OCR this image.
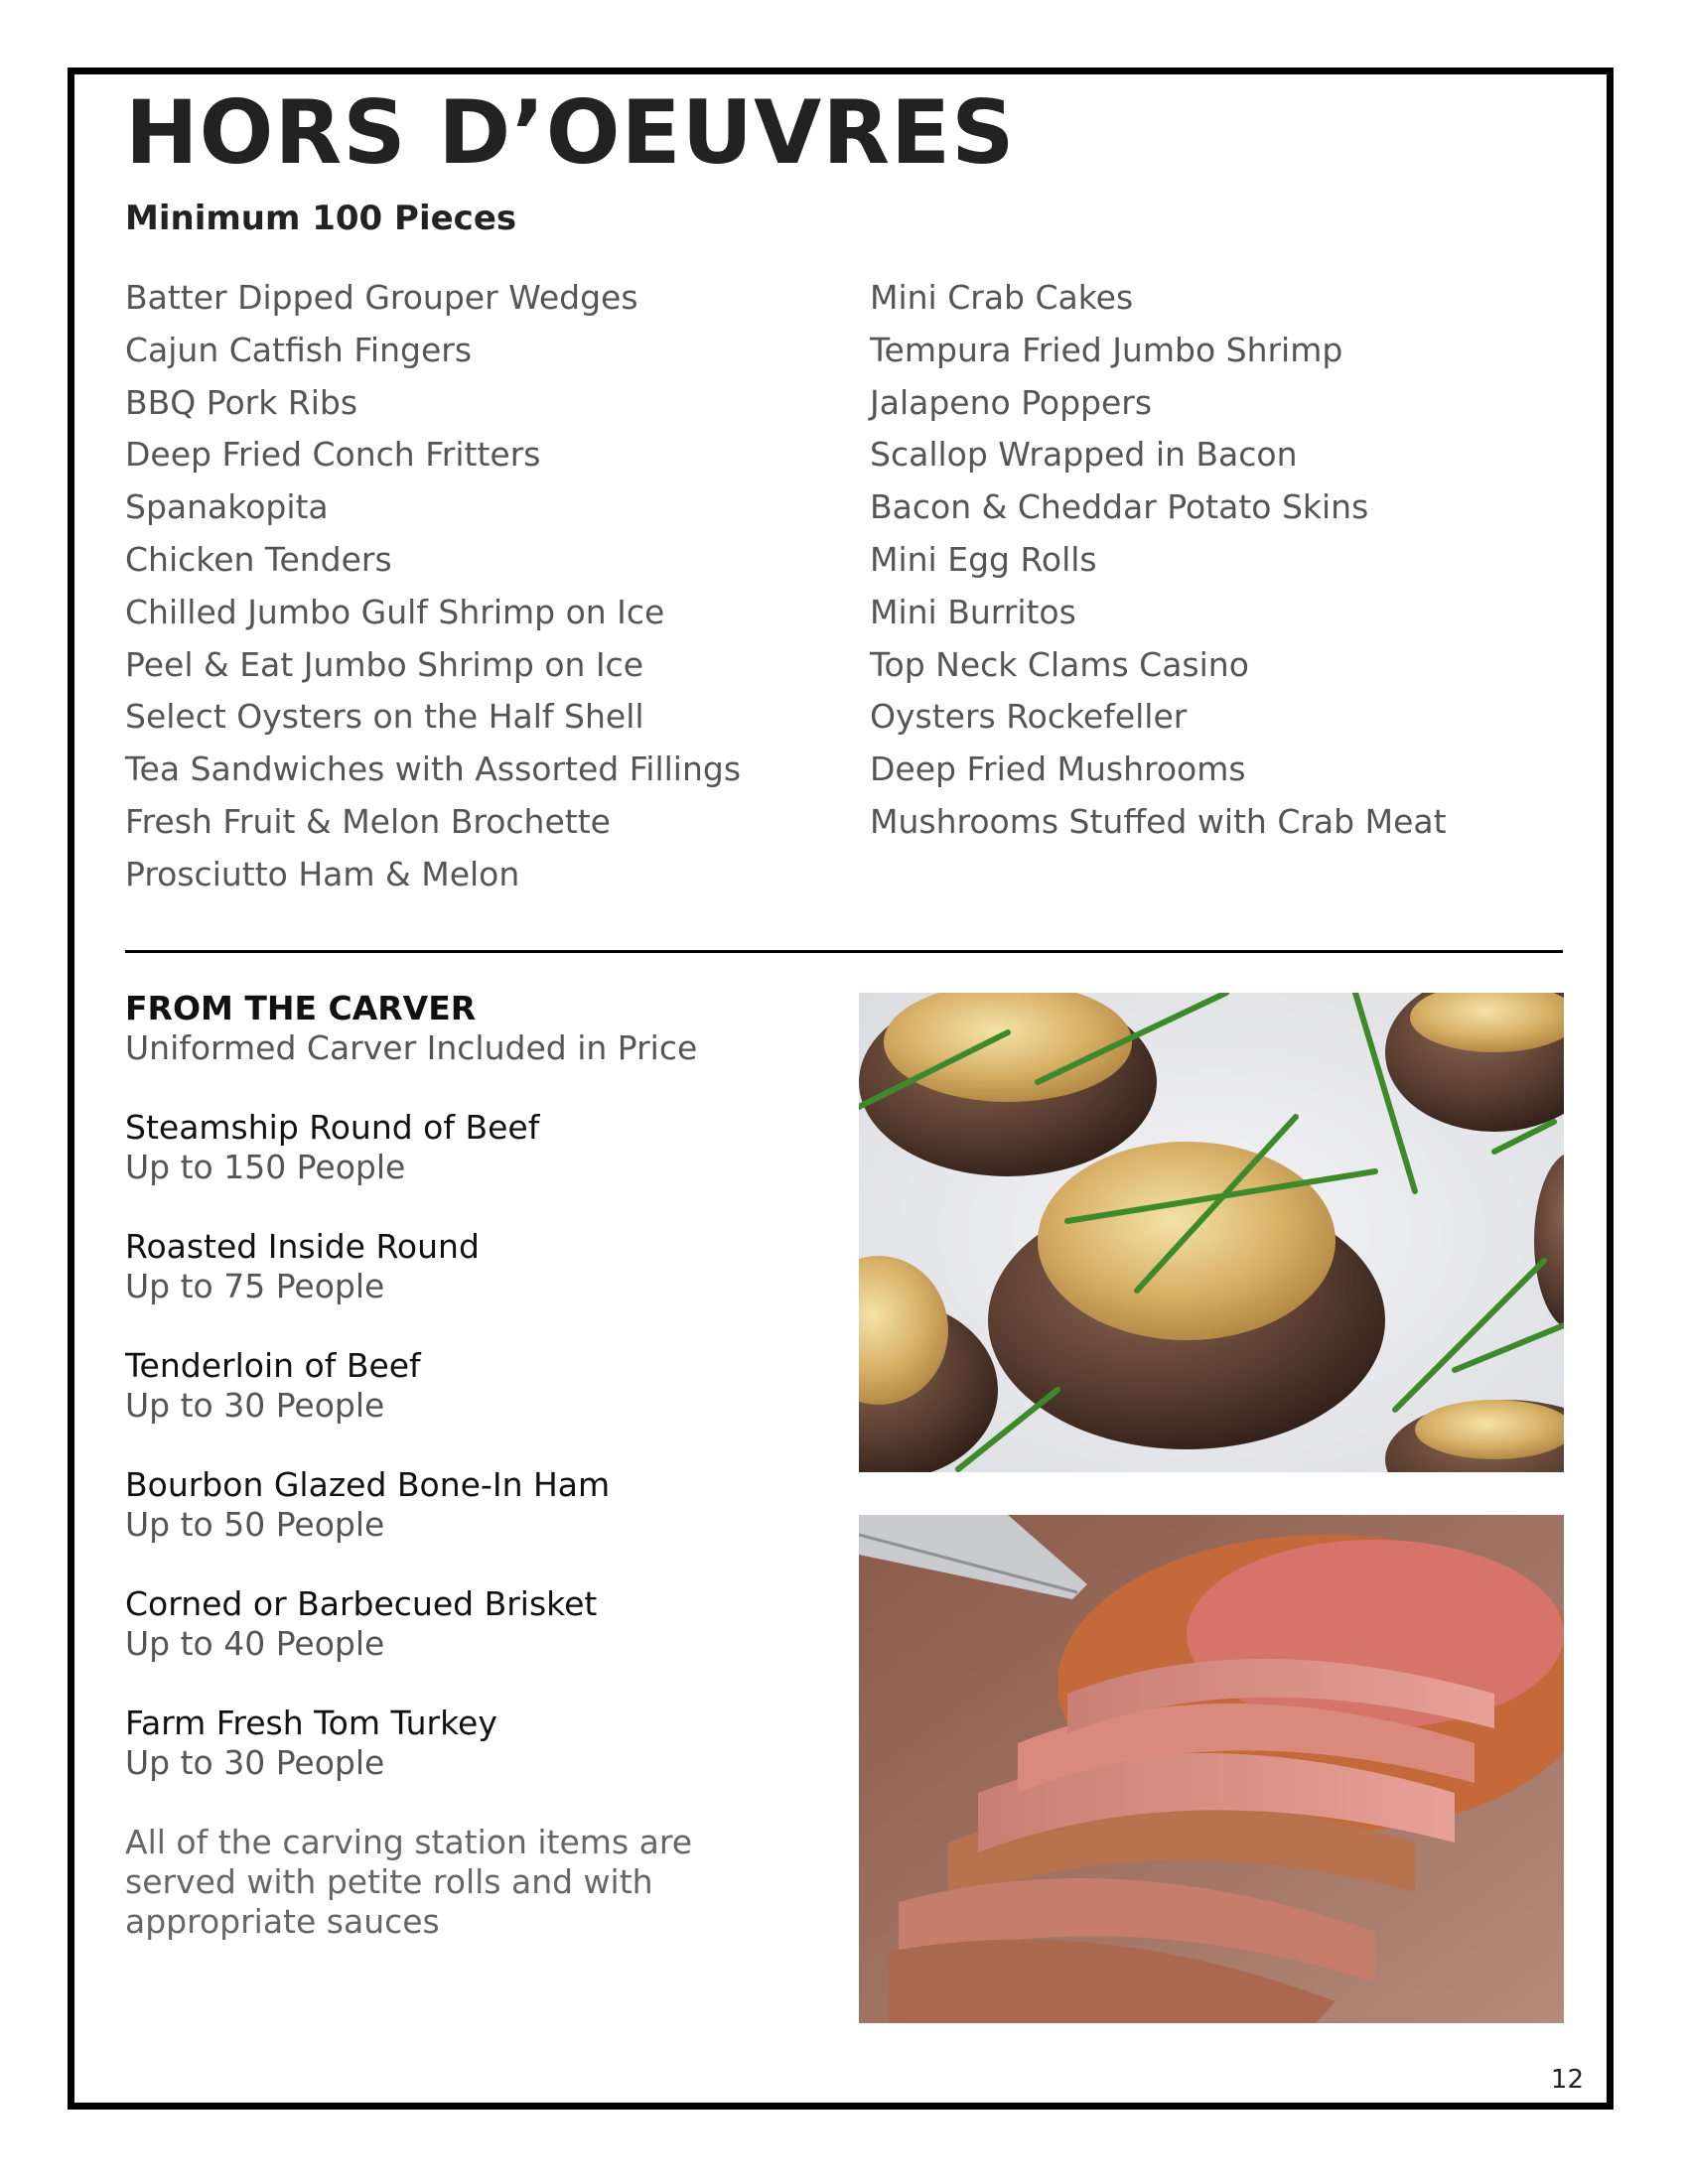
HORS D’OEUVRES
Minimum 100 Pieces
Batter Dipped Grouper Wedges
Cajun Catfish Fingers
BBQ Pork Ribs
Deep Fried Conch Fritters
Spanakopita
Chicken Tenders
Chilled Jumbo Gulf Shrimp on Ice
Peel & Eat Jumbo Shrimp on Ice
Select Oysters on the Half Shell
Tea Sandwiches with Assorted Fillings
Fresh Fruit & Melon Brochette
Prosciutto Ham & Melon
Mini Crab Cakes
Tempura Fried Jumbo Shrimp
Jalapeno Poppers
Scallop Wrapped in Bacon
Bacon & Cheddar Potato Skins
Mini Egg Rolls
Mini Burritos
Top Neck Clams Casino
Oysters Rockefeller
Deep Fried Mushrooms
Mushrooms Stuffed with Crab Meat
FROM THE CARVER
Uniformed Carver Included in Price
Steamship Round of Beef
Up to 150 People
Roasted Inside Round
Up to 75 People
Tenderloin of Beef
Up to 30 People
Bourbon Glazed Bone-In Ham
Up to 50 People
Corned or Barbecued Brisket
Up to 40 People
Farm Fresh Tom Turkey
Up to 30 People
All of the carving station items are served with petite rolls and with appropriate sauces
12
